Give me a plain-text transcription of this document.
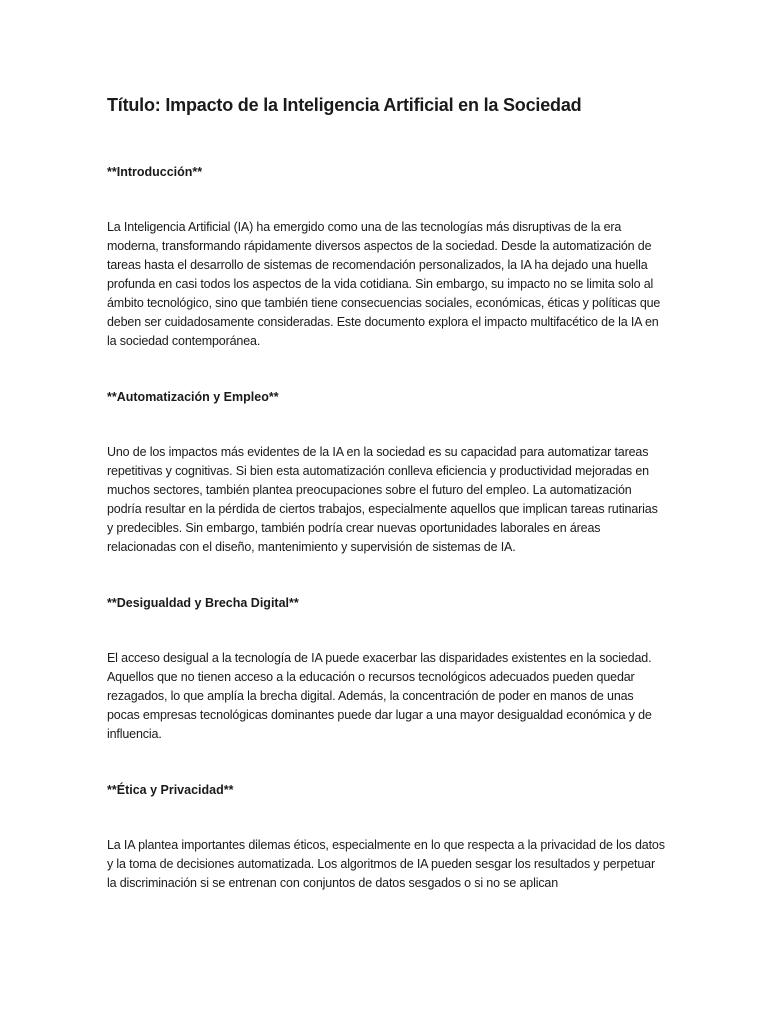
Título: Impacto de la Inteligencia Artificial en la Sociedad
**Introducción**

La Inteligencia Artificial (IA) ha emergido como una de las tecnologías más disruptivas de la era moderna, transformando rápidamente diversos aspectos de la sociedad. Desde la automatización de tareas hasta el desarrollo de sistemas de recomendación personalizados, la IA ha dejado una huella profunda en casi todos los aspectos de la vida cotidiana. Sin embargo, su impacto no se limita solo al ámbito tecnológico, sino que también tiene consecuencias sociales, económicas, éticas y políticas que deben ser cuidadosamente consideradas. Este documento explora el impacto multifacético de la IA en la sociedad contemporánea.

**Automatización y Empleo**

Uno de los impactos más evidentes de la IA en la sociedad es su capacidad para automatizar tareas repetitivas y cognitivas. Si bien esta automatización conlleva eficiencia y productividad mejoradas en muchos sectores, también plantea preocupaciones sobre el futuro del empleo. La automatización podría resultar en la pérdida de ciertos trabajos, especialmente aquellos que implican tareas rutinarias y predecibles. Sin embargo, también podría crear nuevas oportunidades laborales en áreas relacionadas con el diseño, mantenimiento y supervisión de sistemas de IA.

**Desigualdad y Brecha Digital**

El acceso desigual a la tecnología de IA puede exacerbar las disparidades existentes en la sociedad. Aquellos que no tienen acceso a la educación o recursos tecnológicos adecuados pueden quedar rezagados, lo que amplía la brecha digital. Además, la concentración de poder en manos de unas pocas empresas tecnológicas dominantes puede dar lugar a una mayor desigualdad económica y de influencia.

**Ética y Privacidad**

La IA plantea importantes dilemas éticos, especialmente en lo que respecta a la privacidad de los datos y la toma de decisiones automatizada. Los algoritmos de IA pueden sesgar los resultados y perpetuar la discriminación si se entrenan con conjuntos de datos sesgados o si no se aplican
